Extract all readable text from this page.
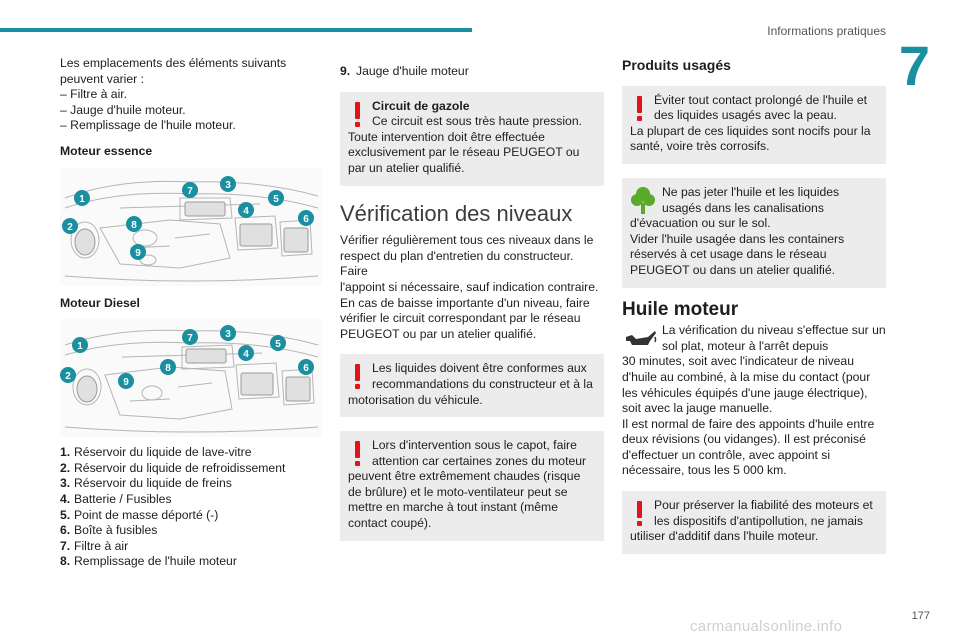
Informations pratiques
7
177
carmanualsonline.info

Les emplacements des éléments suivants
peuvent varier :
– Filtre à air.
– Jauge d'huile moteur.
– Remplissage de l'huile moteur.

Moteur essence
1
2
3
4
5
6
7
8
9
Moteur Diesel
1
2
3
4
5
6
7
8
9
1. Réservoir du liquide de lave-vitre
2. Réservoir du liquide de refroidissement
3. Réservoir du liquide de freins
4. Batterie / Fusibles
5. Point de masse déporté (-)
6. Boîte à fusibles
7. Filtre à air
8. Remplissage de l'huile moteur
9. Jauge d'huile moteur
Circuit de gazole
Ce circuit est sous très haute pression.
Toute intervention doit être effectuée
exclusivement par le réseau PEUGEOT ou
par un atelier qualifié.
Vérification des niveaux

Vérifier régulièrement tous ces niveaux dans le
respect du plan d'entretien du constructeur. Faire
l'appoint si nécessaire, sauf indication contraire.
En cas de baisse importante d'un niveau, faire
vérifier le circuit correspondant par le réseau
PEUGEOT ou par un atelier qualifié.

Les liquides doivent être conformes aux
recommandations du constructeur et à la
motorisation du véhicule.
Lors d'intervention sous le capot, faire
attention car certaines zones du moteur
peuvent être extrêmement chaudes (risque
de brûlure) et le moto-ventilateur peut se
mettre en marche à tout instant (même
contact coupé).
Produits usagés
Éviter tout contact prolongé de l'huile et
des liquides usagés avec la peau.
La plupart de ces liquides sont nocifs pour la
santé, voire très corrosifs.
Ne pas jeter l'huile et les liquides
usagés dans les canalisations
d'évacuation ou sur le sol.
Vider l'huile usagée dans les containers
réservés à cet usage dans le réseau
PEUGEOT ou dans un atelier qualifié.
Huile moteur

La vérification du niveau s'effectue sur un
sol plat, moteur à l'arrêt depuis
30 minutes, soit avec l'indicateur de niveau
d'huile au combiné, à la mise du contact (pour
les véhicules équipés d'une jauge électrique),
soit avec la jauge manuelle.
Il est normal de faire des appoints d'huile entre
deux révisions (ou vidanges). Il est préconisé
d'effectuer un contrôle, avec appoint si
nécessaire, tous les 5 000 km.

Pour préserver la fiabilité des moteurs et
les dispositifs d'antipollution, ne jamais
utiliser d'additif dans l'huile moteur.
